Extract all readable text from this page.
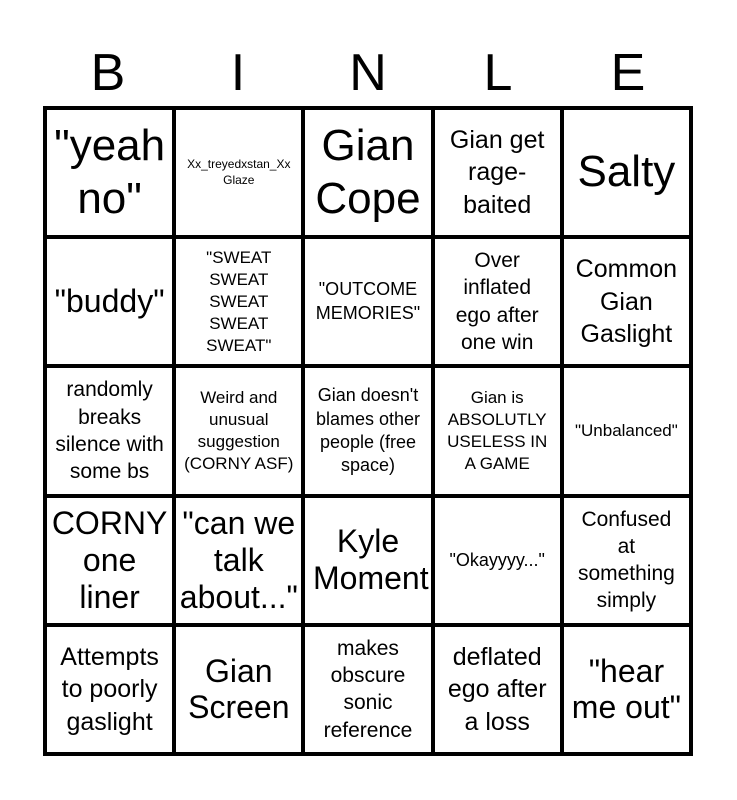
B	I	N	L	E
"yeah no"
Xx_treyedxstan_Xx Glaze
Gian Cope
Gian get rage-baited
Salty
"buddy"
"SWEAT SWEAT SWEAT SWEAT SWEAT"
"OUTCOME MEMORIES"
Over inflated ego after one win
Common Gian Gaslight
randomly breaks silence with some bs
Weird and unusual suggestion (CORNY ASF)
Gian doesn't blames other people (free space)
Gian is ABSOLUTLY USELESS IN A GAME
"Unbalanced"
CORNY one liner
"can we talk about..."
Kyle Moment
"Okayyyy..."
Confused at something simply
Attempts to poorly gaslight
Gian Screen
makes obscure sonic reference
deflated ego after a loss
"hear me out"
